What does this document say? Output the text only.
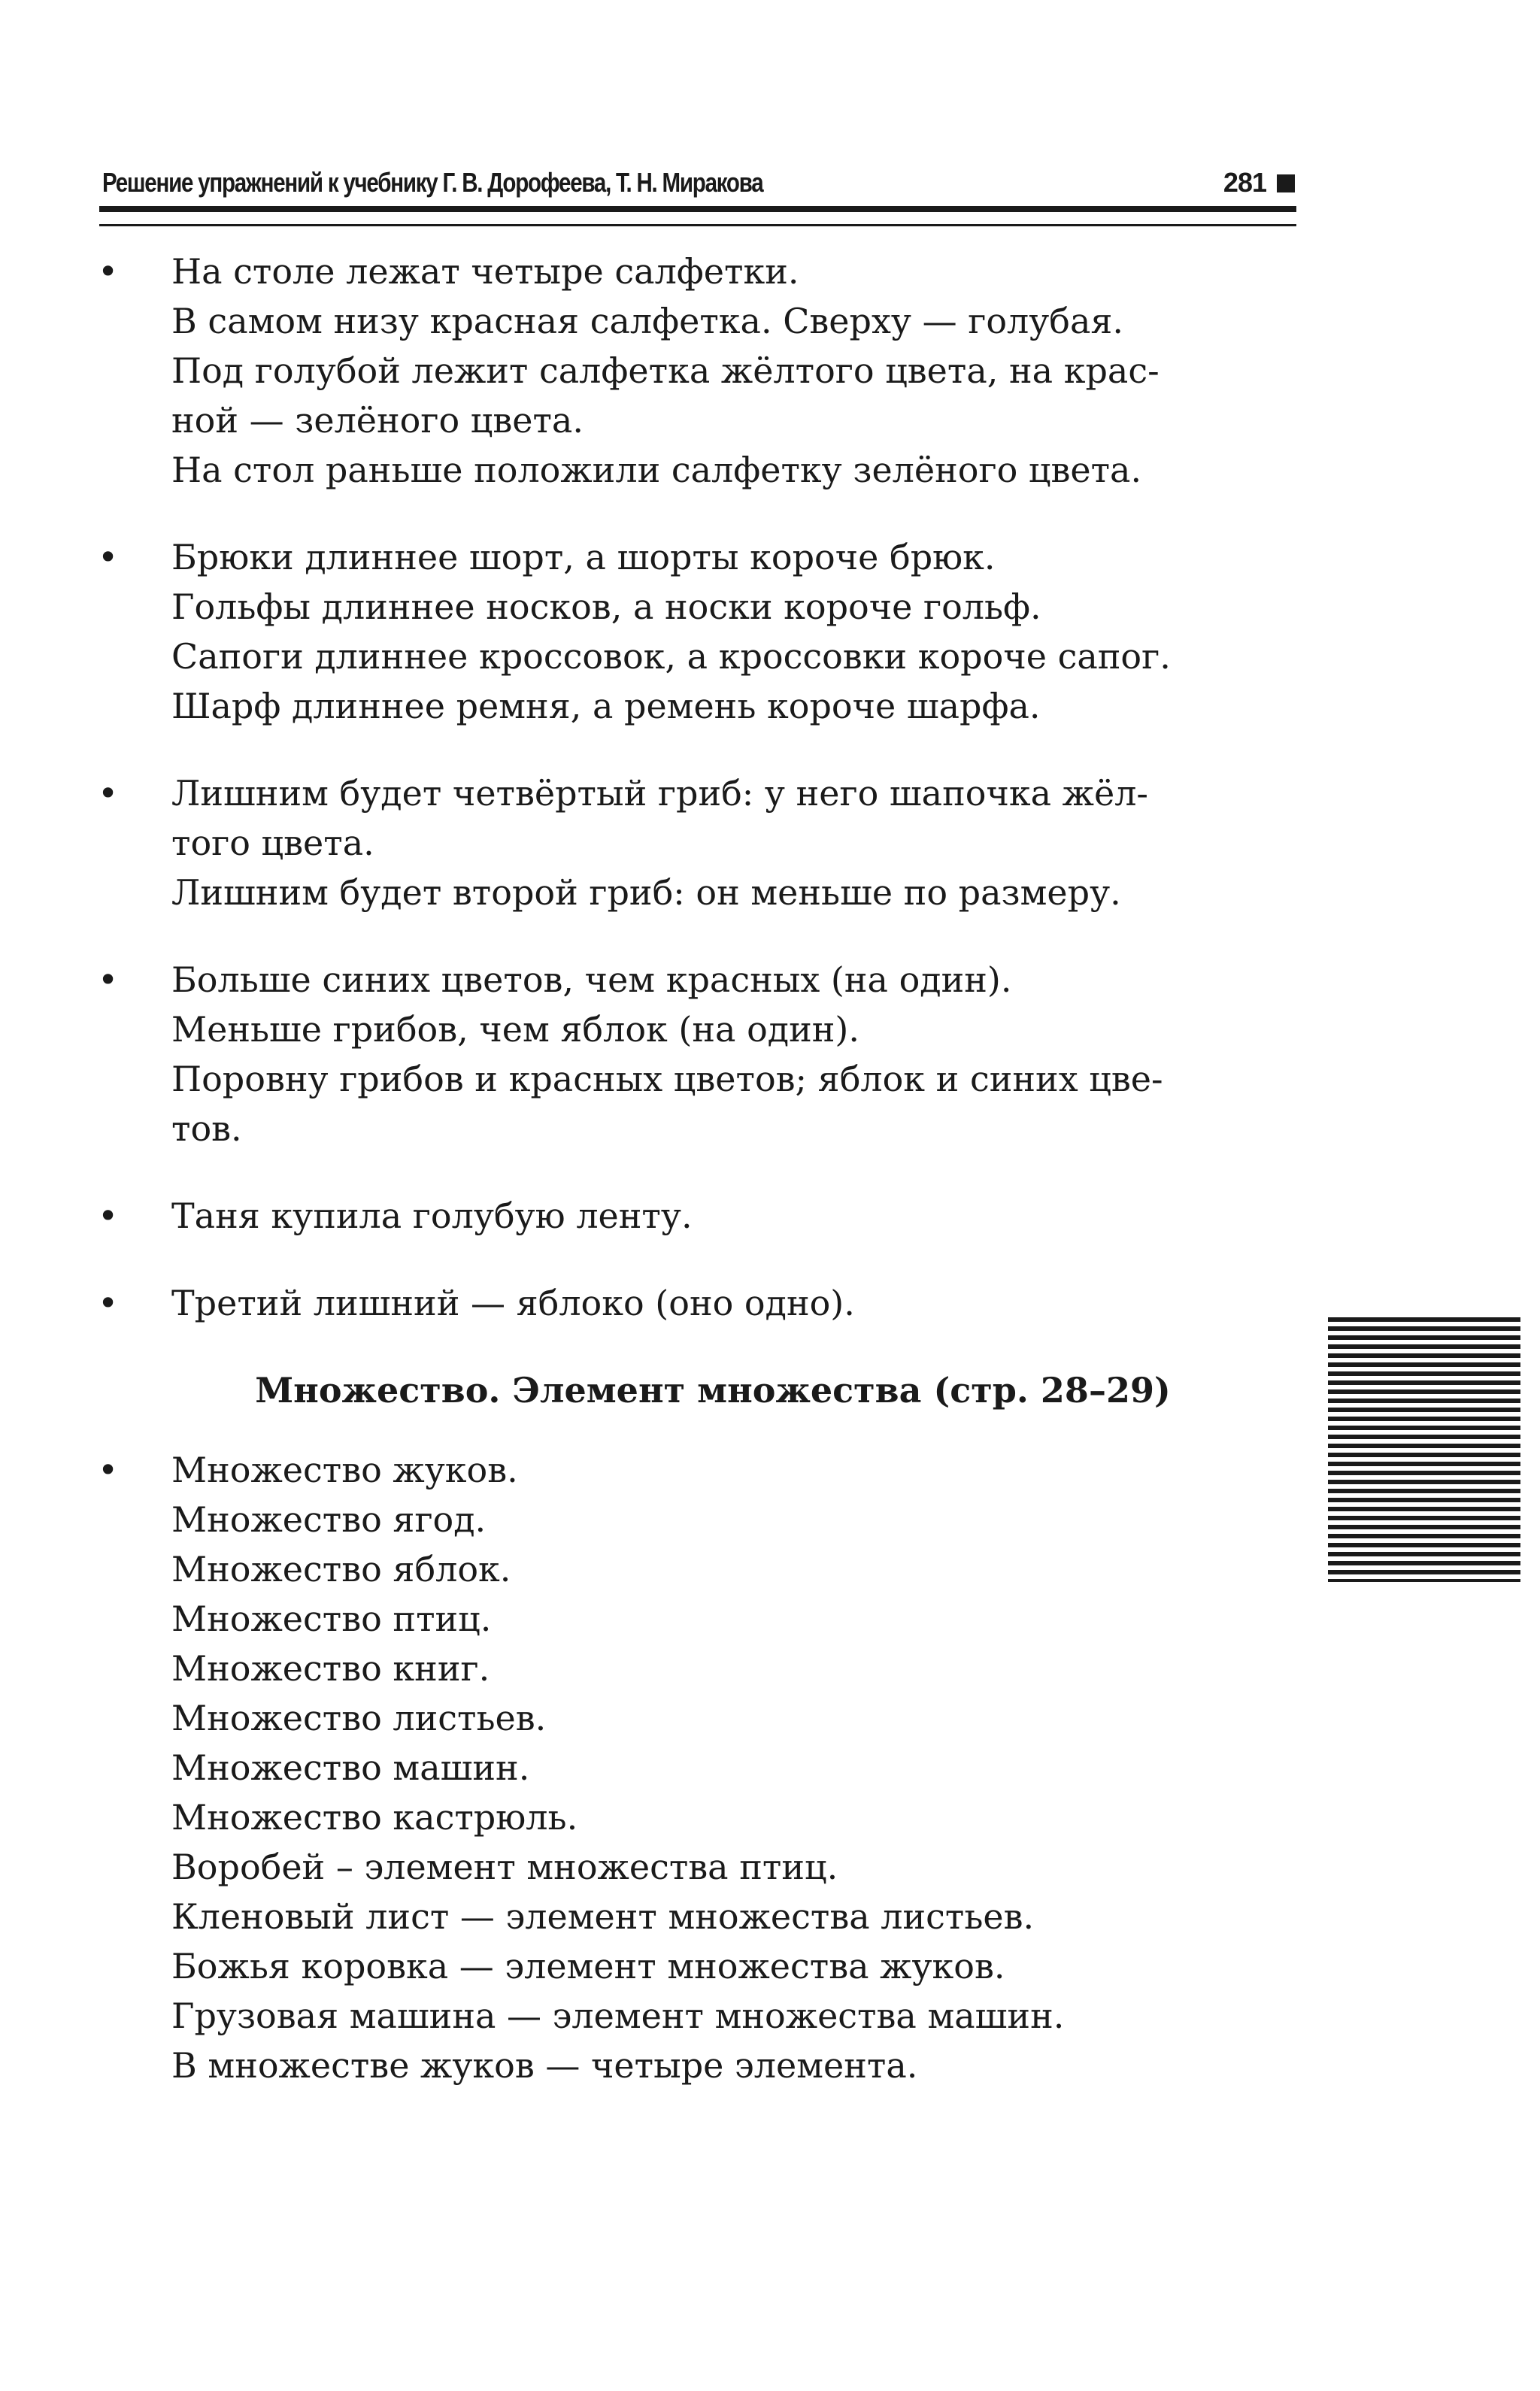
Решение упражнений к учебнику Г. В. Дорофеева, Т. Н. Миракова	281
• На столе лежат четыре салфетки.
В самом низу красная салфетка. Сверху — голубая.
Под голубой лежит салфетка жёлтого цвета, на крас-
ной — зелёного цвета.
На стол раньше положили салфетку зелёного цвета.
• Брюки длиннее шорт, а шорты короче брюк.
Гольфы длиннее носков, а носки короче гольф.
Сапоги длиннее кроссовок, а кроссовки короче сапог.
Шарф длиннее ремня, а ремень короче шарфа.
• Лишним будет четвёртый гриб: у него шапочка жёл-
того цвета.
Лишним будет второй гриб: он меньше по размеру.
• Больше синих цветов, чем красных (на один).
Меньше грибов, чем яблок (на один).
Поровну грибов и красных цветов; яблок и синих цве-
тов.
• Таня купила голубую ленту.
• Третий лишний — яблоко (оно одно).
Множество. Элемент множества (стр. 28–29)
• Множество жуков.
Множество ягод.
Множество яблок.
Множество птиц.
Множество книг.
Множество листьев.
Множество машин.
Множество кастрюль.
Воробей – элемент множества птиц.
Кленовый лист — элемент множества листьев.
Божья коровка — элемент множества жуков.
Грузовая машина — элемент множества машин.
В множестве жуков — четыре элемента.
